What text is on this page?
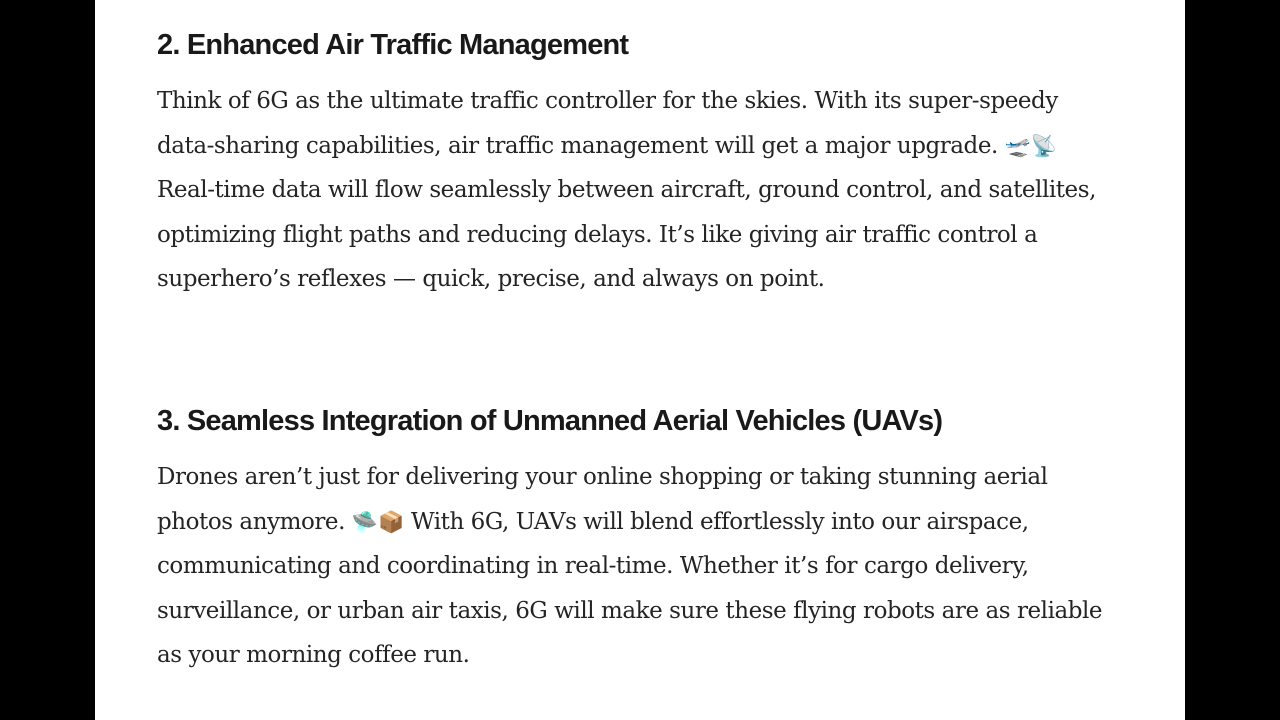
2. Enhanced Air Traffic Management

Think of 6G as the ultimate traffic controller for the skies. With its super-speedy data-sharing capabilities, air traffic management will get a major upgrade. 🛫📡 Real-time data will flow seamlessly between aircraft, ground control, and satellites, optimizing flight paths and reducing delays. It’s like giving air traffic control a superhero’s reflexes — quick, precise, and always on point.

3. Seamless Integration of Unmanned Aerial Vehicles (UAVs)

Drones aren’t just for delivering your online shopping or taking stunning aerial photos anymore. 🛸📦 With 6G, UAVs will blend effortlessly into our airspace, communicating and coordinating in real-time. Whether it’s for cargo delivery, surveillance, or urban air taxis, 6G will make sure these flying robots are as reliable as your morning coffee run.
